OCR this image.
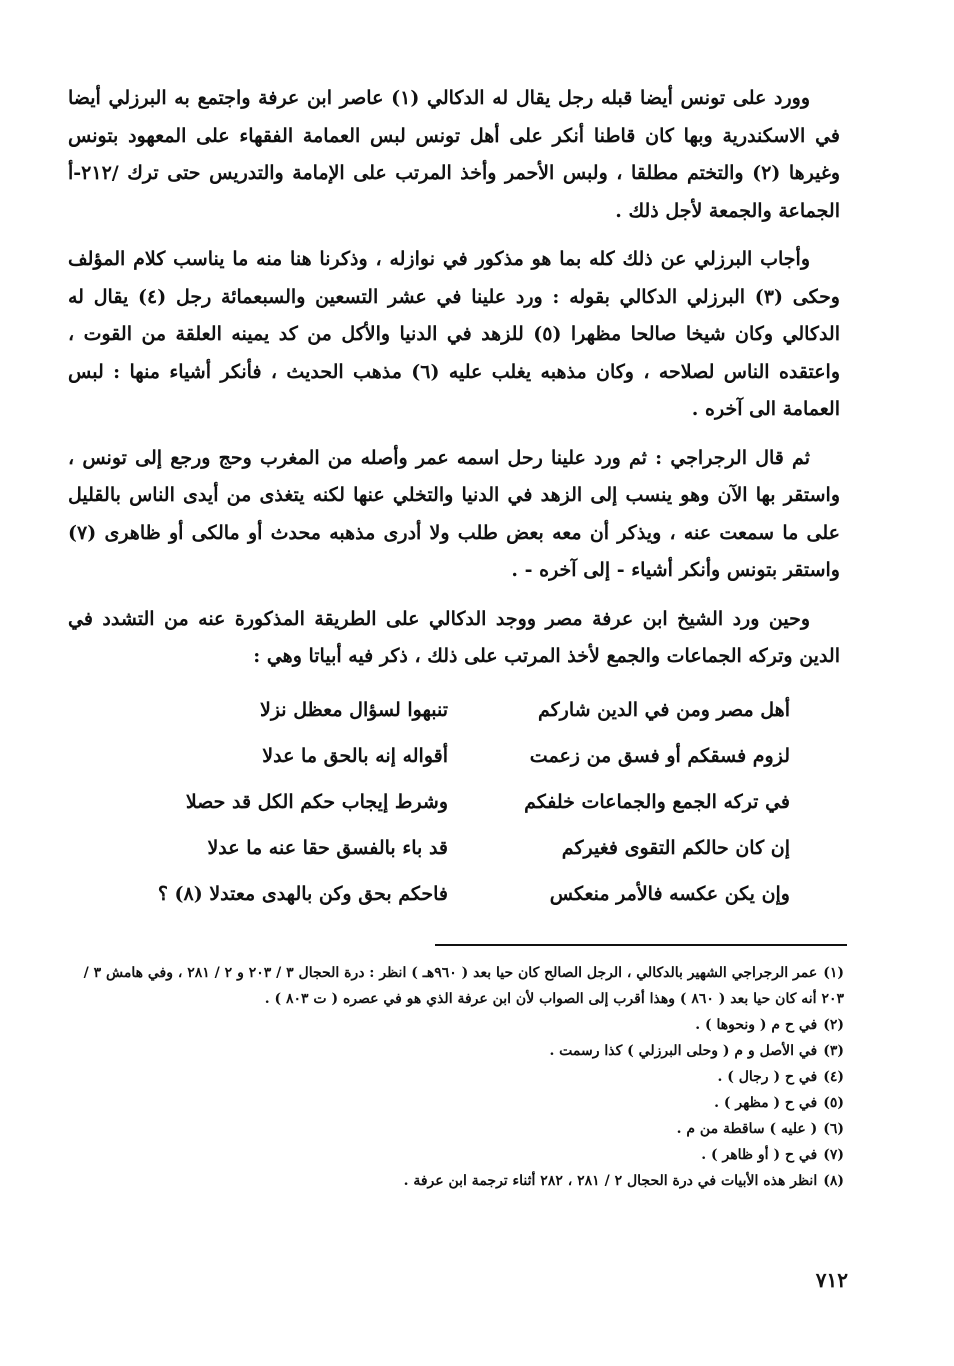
وورد على تونس أيضا قبله رجل يقال له الدكالي (١) عاصر ابن عرفة واجتمع به البرزلي أيضا في الاسكندرية وبها كان قاطنا أنكر على أهل تونس لبس العمامة الفقهاء على المعهود بتونس وغيرها (٢) والتختم مطلقا ، ولبس الأحمر وأخذ المرتب على الإمامة والتدريس حتى ترك /٢١٢-أ الجماعة والجمعة لأجل ذلك .

وأجاب البرزلي عن ذلك كله بما هو مذكور في نوازله ، وذكرنا هنا منه ما يناسب كلام المؤلف وحكى (٣) البرزلي الدكالي بقوله : ورد علينا في عشر التسعين والسبعمائة رجل (٤) يقال له الدكالي وكان شيخا صالحا مظهرا (٥) للزهد في الدنيا والأكل من كد يمينه العلقة من القوت ، واعتقده الناس لصلاحه ، وكان مذهبه يغلب عليه (٦) مذهب الحديث ، فأنكر أشياء منها : لبس العمامة الى آخره .

ثم قال الرجراجي : ثم ورد علينا رحل اسمه عمر وأصله من المغرب وحج ورجع إلى تونس ، واستقر بها الآن وهو ينسب إلى الزهد في الدنيا والتخلي عنها لكنه يتغذى من أيدى الناس بالقليل على ما سمعت عنه ، ويذكر أن معه بعض طلب ولا أدرى مذهبه محدث أو مالكى أو ظاهرى (٧) واستقر بتونس وأنكر أشياء - إلى آخره - .

وحين ورد الشيخ ابن عرفة مصر ووجد الدكالي على الطريقة المذكورة عنه من التشدد في الدين وتركه الجماعات والجمع لأخذ المرتب على ذلك ، ذكر فيه أبياتا وهي :

أهل مصر ومن في الدين شاركم
تنبهوا لسؤال معظل نزلا
لزوم فسقكم أو فسق من زعمت
أقواله إنه بالحق ما عدلا
في تركه الجمع والجماعات خلفكم
وشرط إيجاب حكم الكل قد حصلا
إن كان حالكم التقوى فغيركم
قد باء بالفسق حقا عنه ما عدلا
وإن يكن عكسه فالأمر منعكس
فاحكم بحق وكن بالهدى معتدلا (٨) ؟

(١)عمر الرجراجي الشهير بالدكالي ، الرجل الصالح كان حيا بعد ( ٩٦٠هـ ) انظر : درة الحجال ٣ / ٢٠٣ و ٢ / ٢٨١ ، وفي هامش ٣ / ٢٠٣ أنه كان حيا بعد ( ٨٦٠ ) وهذا أقرب إلى الصواب لأن ابن عرفة الذي هو في عصره ( ت ٨٠٣ ) .

(٢)في ح م ( ونحوها ) .

(٣)في الأصل و م ( وحلى البرزلي ) كذا رسمت .

(٤)في ح ( رجال ) .

(٥)في ح ( مظهر ) .

(٦)( عليه ) ساقطة من م .

(٧)في ح ( أو ظاهر ) .

(٨)انظر هذه الأبيات في درة الحجال ٢ / ٢٨١ ، ٢٨٢ أثناء ترجمة ابن عرفة .

٧١٢
